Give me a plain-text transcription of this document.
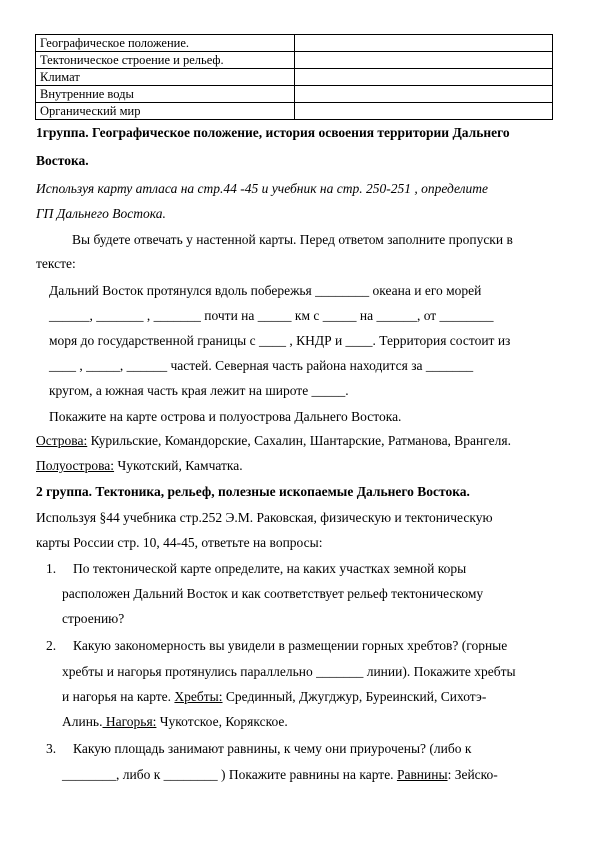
Географическое положение.	
Тектоническое строение и рельеф.	
Климат	
Внутренние воды	
Органический мир	
1группа. Географическое положение, история освоения территории Дальнего
Востока.
Используя карту атласа на стр.44 -45 и учебник на стр. 250-251 , определите
ГП Дальнего Востока.
Вы будете отвечать у настенной карты. Перед ответом заполните пропуски в
тексте:
Дальний Восток протянулся вдоль побережья ________ океана и его морей
______, _______ , _______ почти на _____ км с _____ на ______, от ________
моря до государственной границы с ____ , КНДР и ____. Территория состоит из
____ , _____, ______ частей. Северная часть района находится за _______
кругом, а южная часть края лежит на широте _____.
Покажите на карте острова и полуострова Дальнего Востока.
Острова: Курильские, Командорские, Сахалин, Шантарские, Ратманова, Врангеля.
Полуострова: Чукотский, Камчатка.
2 группа. Тектоника, рельеф, полезные ископаемые Дальнего Востока.
Используя §44 учебника стр.252 Э.М. Раковская, физическую и тектоническую
карты России стр. 10, 44-45, ответьте на вопросы:
1. По тектонической карте определите, на каких участках земной коры
расположен Дальний Восток и как соответствует рельеф тектоническому
строению?
2. Какую закономерность вы увидели в размещении горных хребтов? (горные
хребты и нагорья протянулись параллельно _______ линии). Покажите хребты
и нагорья на карте. Хребты: Срединный, Джугджур, Буреинский, Сихотэ-
Алинь. Нагорья: Чукотское, Корякское.
3. Какую площадь занимают равнины, к чему они приурочены? (либо к
________, либо к ________ ) Покажите равнины на карте. Равнины: Зейско-
